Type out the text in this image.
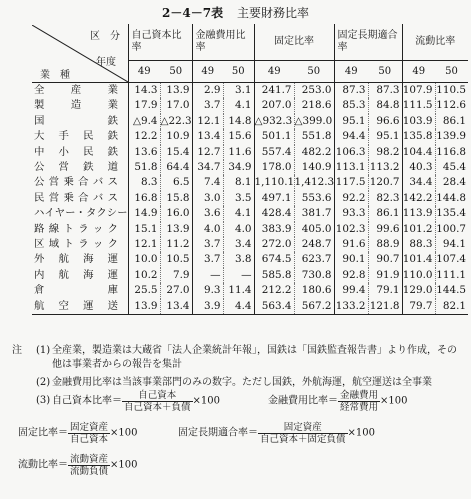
2－4－7表 主要財務比率
区　分
年度
業　種	自己資本比率		金融費用比率		固定比率		固定長期適合率		流動比率	
	49	50	49	50	49	50	49	50	49	50

全産業	14.3	13.9	2.9	3.1	241.7	253.0	87.3	87.3	107.9	110.5

製造業	17.9	17.0	3.7	4.1	207.0	218.6	85.3	84.8	111.5	112.6

国鉄	△9.4	△22.3	12.1	14.8	△932.3	△399.0	95.1	96.6	103.9	86.1

大手民鉄	12.2	10.9	13.4	15.6	501.1	551.8	94.4	95.1	135.8	139.9

中小民鉄	13.6	15.4	12.7	11.6	557.4	482.2	106.3	98.2	104.4	116.8

公営鉄道	51.8	64.4	34.7	34.9	178.0	140.9	113.1	113.2	40.3	45.4

公営乗合バス	8.3	6.5	7.4	8.1	1,110.1	1,412.3	117.5	120.7	34.4	28.4

民営乗合バス	16.8	15.8	3.0	3.5	497.1	553.6	92.2	82.3	142.2	144.8

ハイヤー・タクシー	14.9	16.0	3.6	4.1	428.4	381.7	93.3	86.1	113.9	135.4

路線トラック	15.1	13.9	4.0	4.0	383.9	405.0	102.3	99.6	101.2	100.7

区域トラック	12.1	11.2	3.7	3.4	272.0	248.7	91.6	88.9	88.3	94.1

外航海運	10.0	10.5	3.7	3.8	674.5	623.7	90.1	90.7	101.4	107.4

内航海運	10.2	7.9	—	—	585.8	730.8	92.8	91.9	110.0	111.1

倉庫	25.5	27.0	9.3	11.4	212.2	180.6	99.4	79.1	129.0	144.5

航空運送	13.9	13.4	3.9	4.4	563.4	567.2	133.2	121.8	79.7	82.1
注 (1) 全産業，製造業は大蔵省「法人企業統計年報」，国鉄は「国鉄監査報告書」より作成，その他は事業者からの報告を集計
(2) 金融費用比率は当該事業部門のみの数字。ただし国鉄，外航海運，航空運送は全事業
(3) 自己資本比率＝ $\frac{\text{自己資本}}{\text{自己資本＋負債}} \times 100$	金融費用比率＝ $\frac{\text{金融費用}}{\text{経常費用}} \times 100$
固定比率＝ $\frac{\text{固定資産}}{\text{自己資本}} \times 100$	固定長期適合率＝ $\frac{\text{固定資産}}{\text{自己資本＋固定負債}} \times 100$
流動比率＝ $\frac{\text{流動資産}}{\text{流動負債}} \times 100$
